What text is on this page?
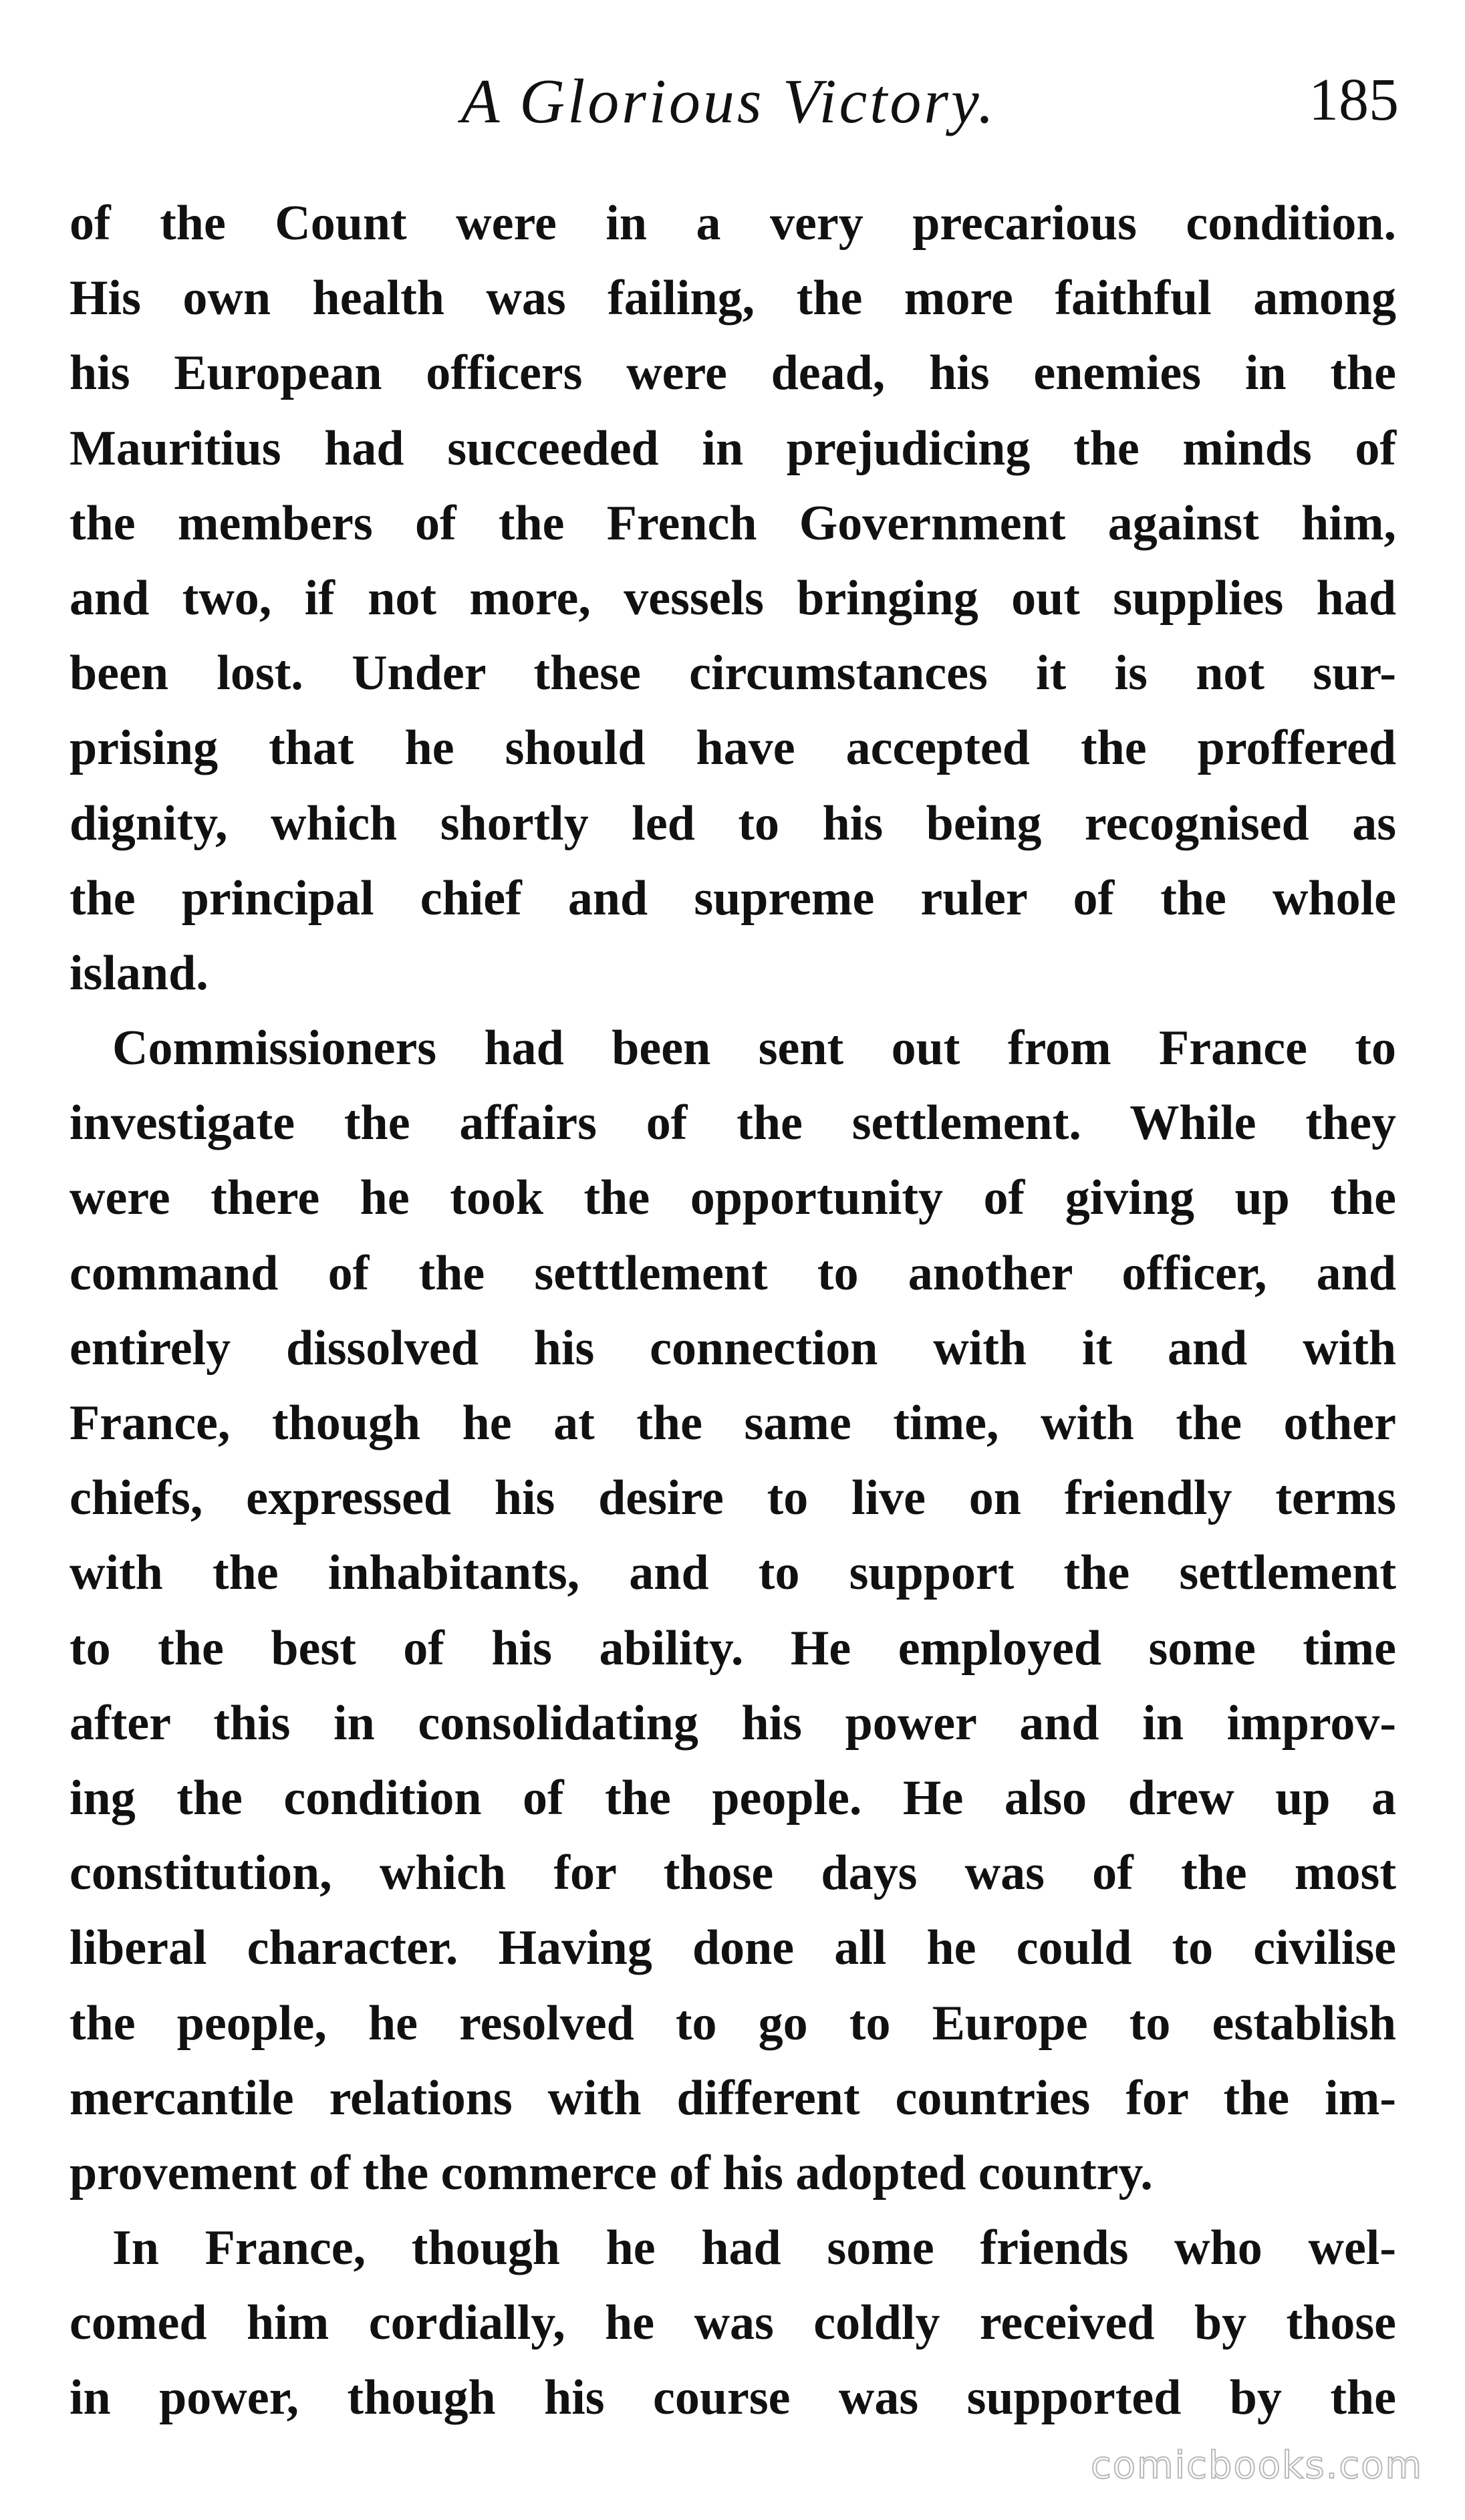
A Glorious Victory.	185
of the Count were in a very precarious condition.
His own health was failing, the more faithful among
his European officers were dead, his enemies in the
Mauritius had succeeded in prejudicing the minds of
the members of the French Government against him,
and two, if not more, vessels bringing out supplies had
been lost. Under these circumstances it is not sur-
prising that he should have accepted the proffered
dignity, which shortly led to his being recognised as
the principal chief and supreme ruler of the whole
island.
Commissioners had been sent out from France to
investigate the affairs of the settlement. While they
were there he took the opportunity of giving up the
command of the setttlement to another officer, and
entirely dissolved his connection with it and with
France, though he at the same time, with the other
chiefs, expressed his desire to live on friendly terms
with the inhabitants, and to support the settlement
to the best of his ability. He employed some time
after this in consolidating his power and in improv-
ing the condition of the people. He also drew up a
constitution, which for those days was of the most
liberal character. Having done all he could to civilise
the people, he resolved to go to Europe to establish
mercantile relations with different countries for the im-
provement of the commerce of his adopted country.
In France, though he had some friends who wel-
comed him cordially, he was coldly received by those
in power, though his course was supported by the
comicbooks.com
